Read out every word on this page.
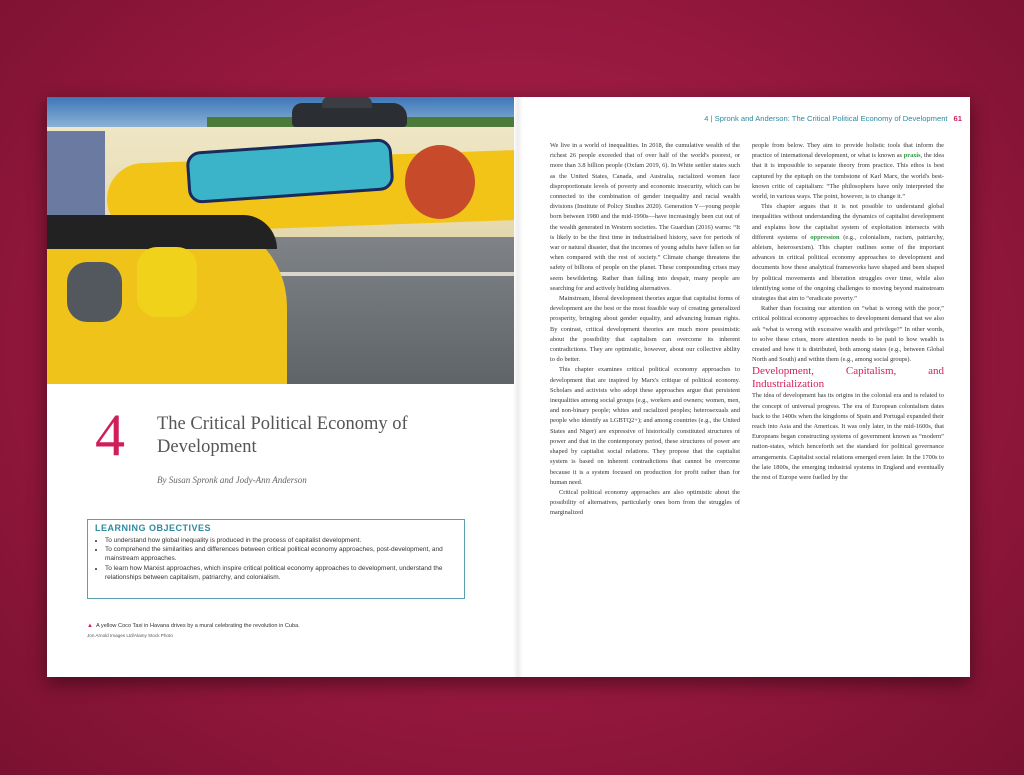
4 The Critical Political Economy of Development
By Susan Spronk and Jody-Ann Anderson
LEARNING OBJECTIVES
• To understand how global inequality is produced in the process of capitalist development.
• To comprehend the similarities and differences between critical political economy approaches, post-development, and mainstream approaches.
• To learn how Marxist approaches, which inspire critical political economy approaches to development, understand the relationships between capitalism, patriarchy, and colonialism.
▲ A yellow Coco Taxi in Havana drives by a mural celebrating the revolution in Cuba.
Jon Arnold Images Ltd/Alamy Stock Photo
4 | Spronk and Anderson: The Critical Political Economy of Development 61

We live in a world of inequalities. In 2018, the cumulative wealth of the richest 26 people exceeded that of over half of the world's poorest, or more than 3.8 billion people (Oxfam 2019, 6). In White settler states such as the United States, Canada, and Australia, racialized women face disproportionate levels of poverty and economic insecurity, which can be connected to the combination of gender inequality and racial wealth divisions (Institute of Policy Studies 2020). Generation Y—young people born between 1980 and the mid-1990s—have increasingly been cut out of the wealth generated in Western societies. The Guardian (2016) warns: “It is likely to be the first time in industrialised history, save for periods of war or natural disaster, that the incomes of young adults have fallen so far when compared with the rest of society.” Climate change threatens the safety of billions of people on the planet. These compounding crises may seem bewildering. Rather than falling into despair, many people are searching for and actively building alternatives.

Mainstream, liberal development theories argue that capitalist forms of development are the best or the most feasible way of creating generalized prosperity, bringing about gender equality, and advancing human rights. By contrast, critical development theories are much more pessimistic about the possibility that capitalism can overcome its inherent contradictions. They are optimistic, however, about our collective ability to do better.

This chapter examines critical political economy approaches to development that are inspired by Marx's critique of political economy. Scholars and activists who adopt these approaches argue that persistent inequalities among social groups (e.g., workers and owners; women, men, and non-binary people; whites and racialized peoples; heterosexuals and people who identify as LGBTQ2+); and among countries (e.g., the United States and Niger) are expressive of historically constituted structures of power and that in the contemporary period, these structures of power are shaped by capitalist social relations. They propose that the capitalist system is based on inherent contradictions that cannot be overcome because it is a system focused on production for profit rather than for human need.

Critical political economy approaches are also optimistic about the possibility of alternatives, particularly ones born from the struggles of marginalized

people from below. They aim to provide holistic tools that inform the practice of international development, or what is known as praxis, the idea that it is impossible to separate theory from practice. This ethos is best captured by the epitaph on the tombstone of Karl Marx, the world's best-known critic of capitalism: “The philosophers have only interpreted the world, in various ways. The point, however, is to change it.”

This chapter argues that it is not possible to understand global inequalities without understanding the dynamics of capitalist development and explains how the capitalist system of exploitation intersects with different systems of oppression (e.g., colonialism, racism, patriarchy, ableism, heterosexism). This chapter outlines some of the important advances in critical political economy approaches to development and documents how these analytical frameworks have shaped and been shaped by political movements and liberation struggles over time, while also identifying some of the ongoing challenges to moving beyond mainstream strategies that aim to “eradicate poverty.”

Rather than focusing our attention on “what is wrong with the poor,” critical political economy approaches to development demand that we also ask “what is wrong with excessive wealth and privilege?” In other words, to solve these crises, more attention needs to be paid to how wealth is created and how it is distributed, both among states (e.g., between Global North and South) and within them (e.g., among social groups).

Development, Capitalism, and Industrialization

The idea of development has its origins in the colonial era and is related to the concept of universal progress. The era of European colonialism dates back to the 1400s when the kingdoms of Spain and Portugal expanded their reach into Asia and the Americas. It was only later, in the mid-1600s, that Europeans began constructing systems of government known as “modern” nation-states, which henceforth set the standard for political governance arrangements. Capitalist social relations emerged even later. In the 1700s to the late 1800s, the emerging industrial systems in England and eventually the rest of Europe were fuelled by the
